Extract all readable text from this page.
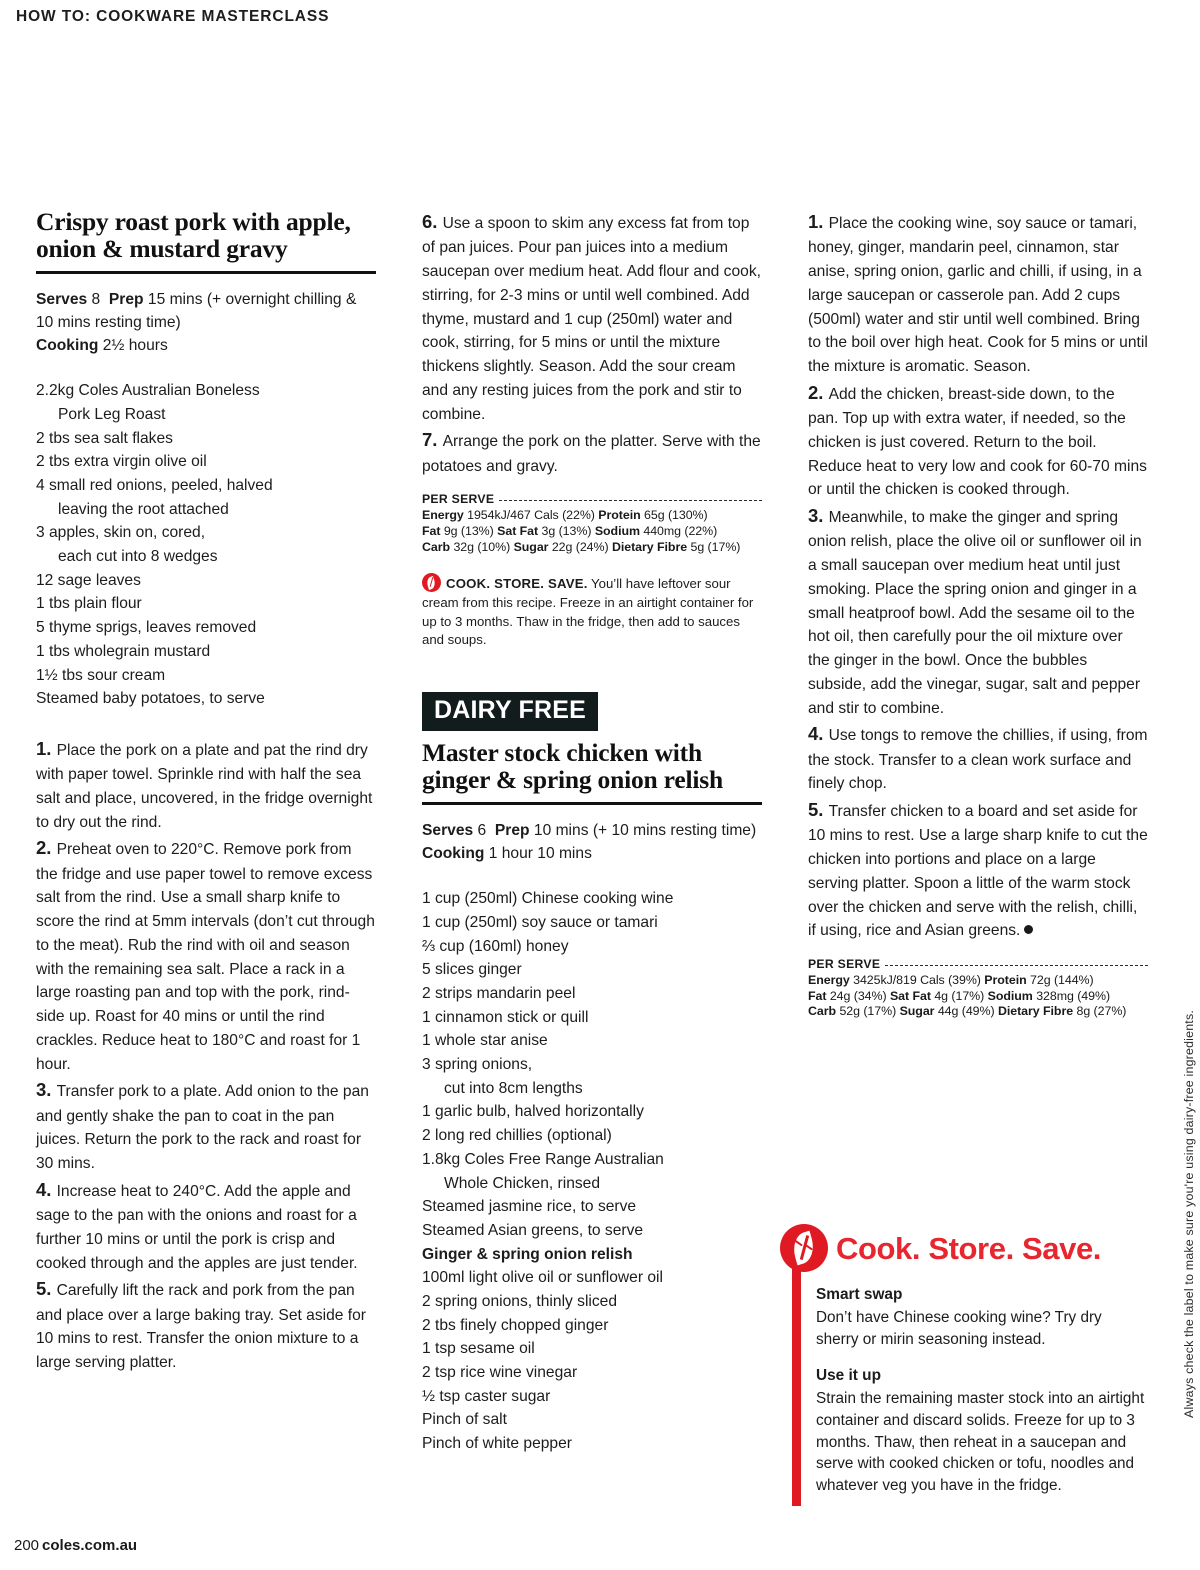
HOW TO: COOKWARE MASTERCLASS
Crispy roast pork with apple, onion & mustard gravy

Serves 8 Prep 15 mins (+ overnight chilling & 10 mins resting time)
Cooking 2½ hours

2.2kg Coles Australian Boneless
Pork Leg Roast
2 tbs sea salt flakes
2 tbs extra virgin olive oil
4 small red onions, peeled, halved
leaving the root attached
3 apples, skin on, cored,
each cut into 8 wedges
12 sage leaves
1 tbs plain flour
5 thyme sprigs, leaves removed
1 tbs wholegrain mustard
1½ tbs sour cream
Steamed baby potatoes, to serve
1. Place the pork on a plate and pat the rind dry with paper towel. Sprinkle rind with half the sea salt and place, uncovered, in the fridge overnight to dry out the rind.
2. Preheat oven to 220°C. Remove pork from the fridge and use paper towel to remove excess salt from the rind. Use a small sharp knife to score the rind at 5mm intervals (don’t cut through to the meat). Rub the rind with oil and season with the remaining sea salt. Place a rack in a large roasting pan and top with the pork, rind-side up. Roast for 40 mins or until the rind crackles. Reduce heat to 180°C and roast for 1 hour.
3. Transfer pork to a plate. Add onion to the pan and gently shake the pan to coat in the pan juices. Return the pork to the rack and roast for 30 mins.
4. Increase heat to 240°C. Add the apple and sage to the pan with the onions and roast for a further 10 mins or until the pork is crisp and cooked through and the apples are just tender.
5. Carefully lift the rack and pork from the pan and place over a large baking tray. Set aside for 10 mins to rest. Transfer the onion mixture to a large serving platter.
6. Use a spoon to skim any excess fat from top of pan juices. Pour pan juices into a medium saucepan over medium heat. Add flour and cook, stirring, for 2-3 mins or until well combined. Add thyme, mustard and 1 cup (250ml) water and cook, stirring, for 5 mins or until the mixture thickens slightly. Season. Add the sour cream and any resting juices from the pork and stir to combine.
7. Arrange the pork on the platter. Serve with the potatoes and gravy.
PER SERVE
Energy 1954kJ/467 Cals (22%) Protein 65g (130%)
Fat 9g (13%) Sat Fat 3g (13%) Sodium 440mg (22%)
Carb 32g (10%) Sugar 22g (24%) Dietary Fibre 5g (17%)
COOK. STORE. SAVE. You’ll have leftover sour cream from this recipe. Freeze in an airtight container for up to 3 months. Thaw in the fridge, then add to sauces and soups.
DAIRY FREE
Master stock chicken with ginger & spring onion relish

Serves 6 Prep 10 mins (+ 10 mins resting time)  Cooking 1 hour 10 mins

1 cup (250ml) Chinese cooking wine
1 cup (250ml) soy sauce or tamari
⅔ cup (160ml) honey
5 slices ginger
2 strips mandarin peel
1 cinnamon stick or quill
1 whole star anise
3 spring onions,
cut into 8cm lengths
1 garlic bulb, halved horizontally
2 long red chillies (optional)
1.8kg Coles Free Range Australian
Whole Chicken, rinsed
Steamed jasmine rice, to serve
Steamed Asian greens, to serve
Ginger & spring onion relish
100ml light olive oil or sunflower oil
2 spring onions, thinly sliced
2 tbs finely chopped ginger
1 tsp sesame oil
2 tsp rice wine vinegar
½ tsp caster sugar
Pinch of salt
Pinch of white pepper
1. Place the cooking wine, soy sauce or tamari, honey, ginger, mandarin peel, cinnamon, star anise, spring onion, garlic and chilli, if using, in a large saucepan or casserole pan. Add 2 cups (500ml) water and stir until well combined. Bring to the boil over high heat. Cook for 5 mins or until the mixture is aromatic. Season.
2. Add the chicken, breast-side down, to the pan. Top up with extra water, if needed, so the chicken is just covered. Return to the boil. Reduce heat to very low and cook for 60-70 mins or until the chicken is cooked through.
3. Meanwhile, to make the ginger and spring onion relish, place the olive oil or sunflower oil in a small saucepan over medium heat until just smoking. Place the spring onion and ginger in a small heatproof bowl. Add the sesame oil to the hot oil, then carefully pour the oil mixture over the ginger in the bowl. Once the bubbles subside, add the vinegar, sugar, salt and pepper and stir to combine.
4. Use tongs to remove the chillies, if using, from the stock. Transfer to a clean work surface and finely chop.
5. Transfer chicken to a board and set aside for 10 mins to rest. Use a large sharp knife to cut the chicken into portions and place on a large serving platter. Spoon a little of the warm stock over the chicken and serve with the relish, chilli, if using, rice and Asian greens.
PER SERVE
Energy 3425kJ/819 Cals (39%) Protein 72g (144%)
Fat 24g (34%) Sat Fat 4g (17%) Sodium 328mg (49%)
Carb 52g (17%) Sugar 44g (49%) Dietary Fibre 8g (27%)
Cook. Store. Save.
Smart swap

Don’t have Chinese cooking wine? Try dry sherry or mirin seasoning instead.

Use it up

Strain the remaining master stock into an airtight container and discard solids. Freeze for up to 3 months. Thaw, then reheat in a saucepan and serve with cooked chicken or tofu, noodles and whatever veg you have in the fridge.

Always check the label to make sure you're using dairy-free ingredients.
200 coles.com.au
